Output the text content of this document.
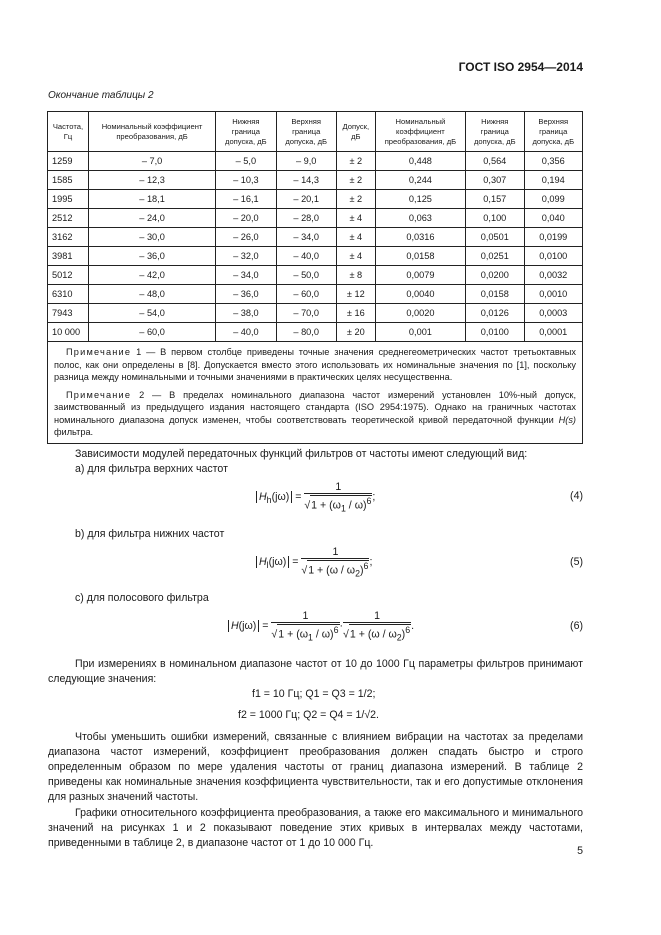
ГОСТ ISO 2954—2014
Окончание таблицы 2
Частота, Гц	Номинальный коэффициент преобразования, дБ	Нижняя граница допуска, дБ	Верхняя граница допуска, дБ	Допуск, дБ	Номинальный коэффициент преобразования, дБ	Нижняя граница допуска, дБ	Верхняя граница допуска, дБ
1259	– 7,0	– 5,0	– 9,0	± 2	0,448	0,564	0,356
1585	– 12,3	– 10,3	– 14,3	± 2	0,244	0,307	0,194
1995	– 18,1	– 16,1	– 20,1	± 2	0,125	0,157	0,099
2512	– 24,0	– 20,0	– 28,0	± 4	0,063	0,100	0,040
3162	– 30,0	– 26,0	– 34,0	± 4	0,0316	0,0501	0,0199
3981	– 36,0	– 32,0	– 40,0	± 4	0,0158	0,0251	0,0100
5012	– 42,0	– 34,0	– 50,0	± 8	0,0079	0,0200	0,0032
6310	– 48,0	– 36,0	– 60,0	± 12	0,0040	0,0158	0,0010
7943	– 54,0	– 38,0	– 70,0	± 16	0,0020	0,0126	0,0003
10 000	– 60,0	– 40,0	– 80,0	± 20	0,001	0,0100	0,0001

Примечание 1 — В первом столбце приведены точные значения среднегеометрических частот третьоктавных полос, как они определены в [8]. Допускается вместо этого использовать их номинальные значения по [1], поскольку разница между номинальными и точными значениями в практических целях несущественна.

Примечание 2 — В пределах номинального диапазона частот измерений установлен 10%-ный допуск, заимствованный из предыдущего издания настоящего стандарта (ISO 2954:1975). Однако на граничных частотах номинального диапазона допуск изменен, чтобы соответствовать теоретической кривой передаточной функции H(s) фильтра.							

Зависимости модулей передаточных функций фильтров от частоты имеют следующий вид:
а) для фильтра верхних частот
$H_h(j\omega) = \frac{1}{√1 + (\omega_1 / \omega)^6}$ ;	(4)
b) для фильтра нижних частот
$H_l(j\omega) = \frac{1}{√1 + (\omega / \omega_2)^6}$ ;	(5)
c) для полосового фильтра
$H(j\omega) = \frac{1}{√1 + (\omega_1 / \omega)^6} \cdot \frac{1}{√1 + (\omega / \omega_2)^6}$ .	(6)

При измерениях в номинальном диапазоне частот от 10 до 1000 Гц параметры фильтров принимают следующие значения:

f1 = 10 Гц; Q1 = Q3 = 1/2;
f2 = 1000 Гц; Q2 = Q4 = 1/√2.

Чтобы уменьшить ошибки измерений, связанные с влиянием вибрации на частотах за пределами диапазона частот измерений, коэффициент преобразования должен спадать быстро и строго определенным образом по мере удаления частоты от границ диапазона измерений. В таблице 2 приведены как номинальные значения коэффициента чувствительности, так и его допустимые отклонения для разных значений частоты.

Графики относительного коэффициента преобразования, а также его максимального и минимального значений на рисунках 1 и 2 показывают поведение этих кривых в интервалах между частотами, приведенными в таблице 2, в диапазоне частот от 1 до 10 000 Гц.

5
